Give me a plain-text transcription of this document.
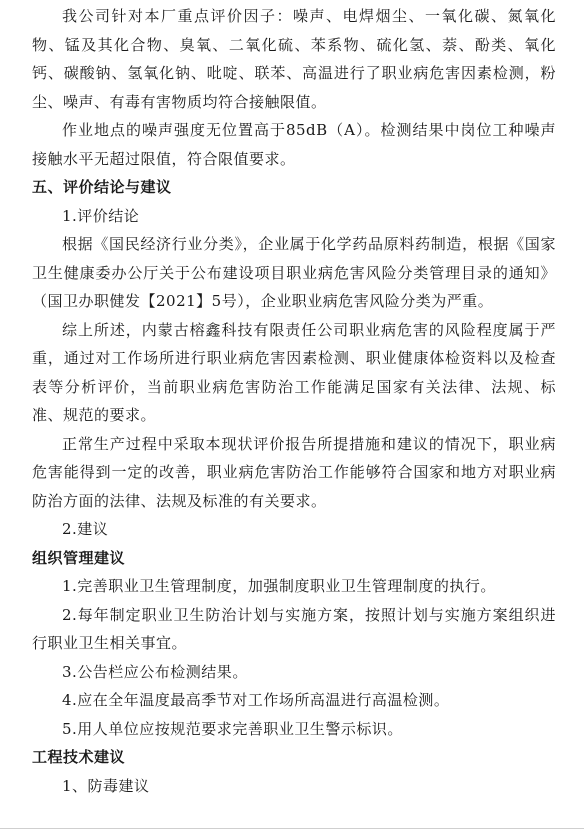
我公司针对本厂重点评价因子：噪声、电焊烟尘、一氧化碳、氮氧化物、锰及其化合物、臭氧、二氧化硫、苯系物、硫化氢、萘、酚类、氧化钙、碳酸钠、氢氧化钠、吡啶、联苯、高温进行了职业病危害因素检测，粉尘、噪声、有毒有害物质均符合接触限值。

作业地点的噪声强度无位置高于85dB（A）。检测结果中岗位工种噪声接触水平无超过限值，符合限值要求。

五、评价结论与建议

1.评价结论

根据《国民经济行业分类》，企业属于化学药品原料药制造，根据《国家卫生健康委办公厅关于公布建设项目职业病危害风险分类管理目录的通知》（国卫办职健发【2021】5号），企业职业病危害风险分类为严重。

综上所述，内蒙古榕鑫科技有限责任公司职业病危害的风险程度属于严重，通过对工作场所进行职业病危害因素检测、职业健康体检资料以及检查表等分析评价，当前职业病危害防治工作能满足国家有关法律、法规、标准、规范的要求。

正常生产过程中采取本现状评价报告所提措施和建议的情况下，职业病危害能得到一定的改善，职业病危害防治工作能够符合国家和地方对职业病防治方面的法律、法规及标准的有关要求。

2.建议

组织管理建议

1.完善职业卫生管理制度，加强制度职业卫生管理制度的执行。

2.每年制定职业卫生防治计划与实施方案，按照计划与实施方案组织进行职业卫生相关事宜。

3.公告栏应公布检测结果。

4.应在全年温度最高季节对工作场所高温进行高温检测。

5.用人单位应按规范要求完善职业卫生警示标识。

工程技术建议

1、防毒建议
